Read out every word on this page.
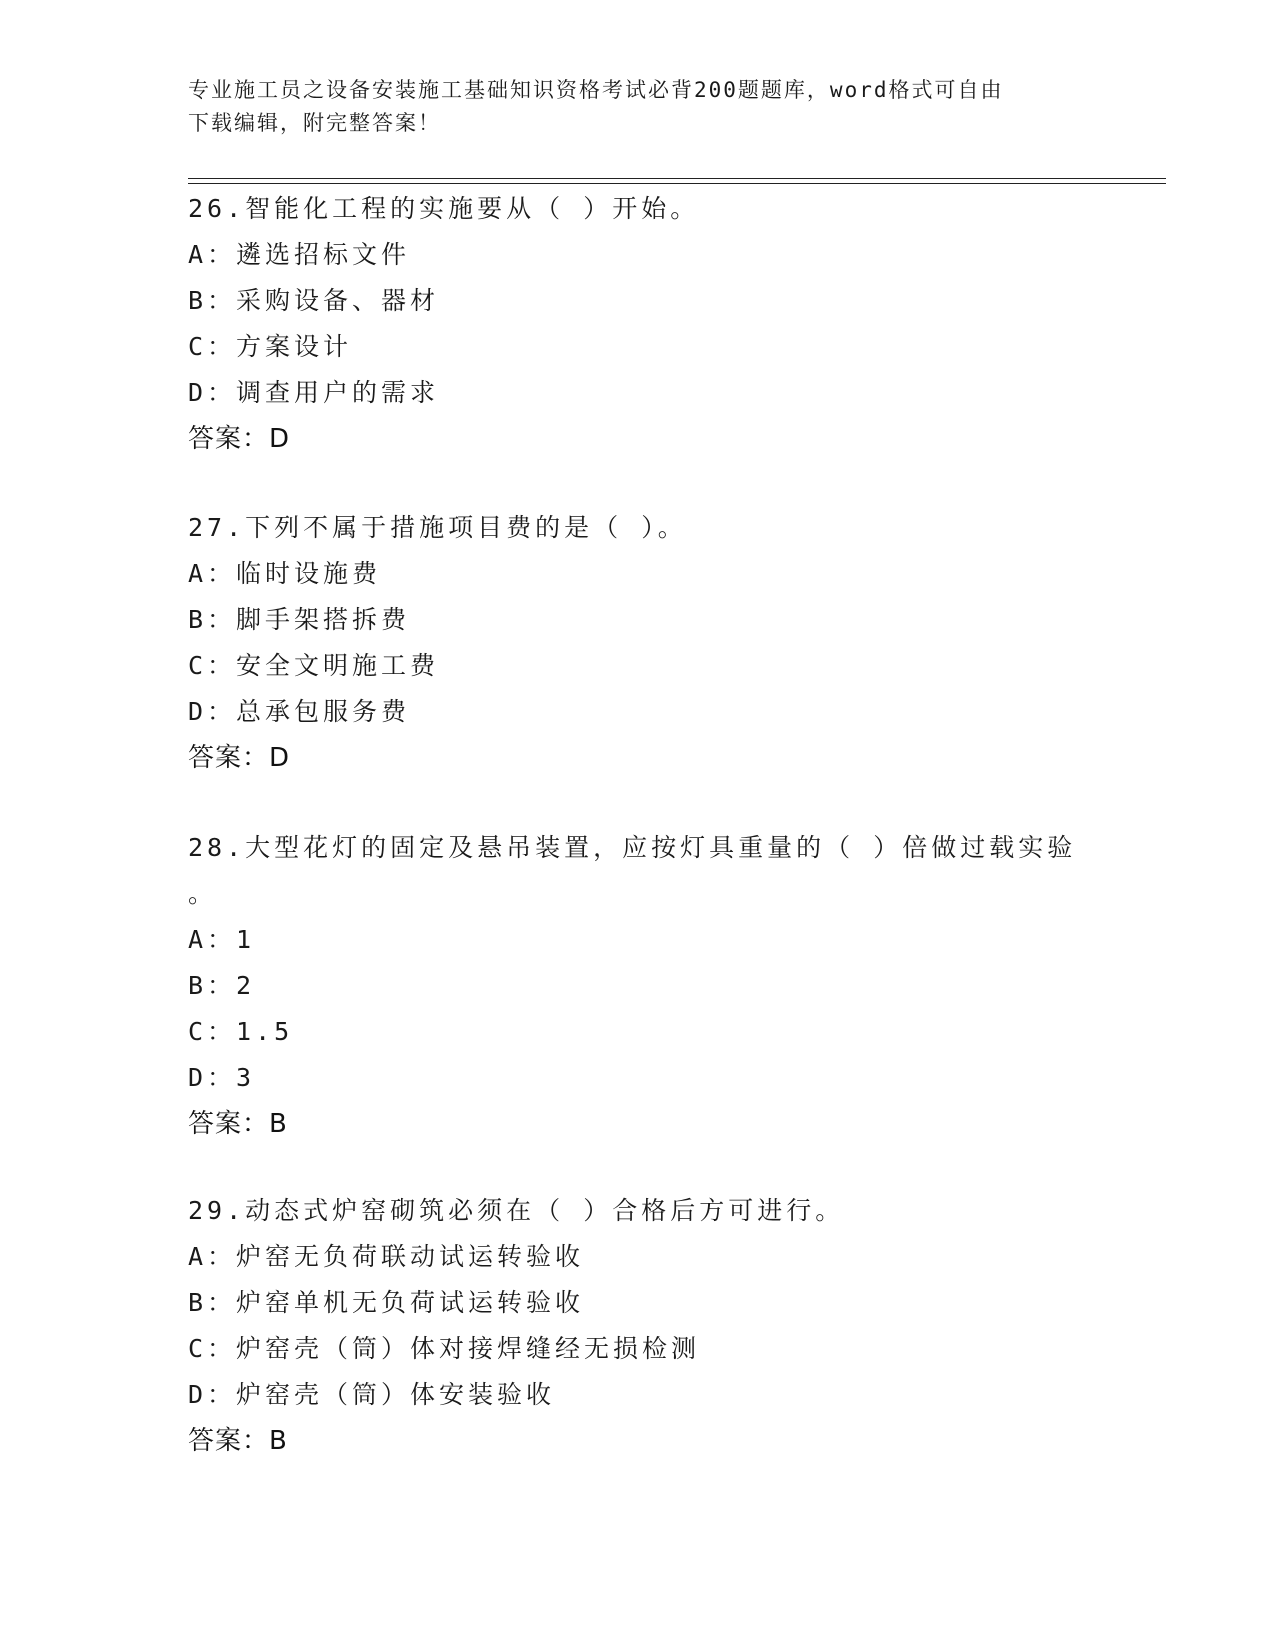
专业施工员之设备安装施工基础知识资格考试必背200题题库，word格式可自由
下载编辑，附完整答案！
26.智能化工程的实施要从（ ）开始。
A：遴选招标文件
B：采购设备、器材
C：方案设计
D：调查用户的需求
答案：D
27.下列不属于措施项目费的是（ ）。
A：临时设施费
B：脚手架搭拆费
C：安全文明施工费
D：总承包服务费
答案：D
28.大型花灯的固定及悬吊装置，应按灯具重量的（ ）倍做过载实验
。
A：1
B：2
C：1.5
D：3
答案：B
29.动态式炉窑砌筑必须在（ ）合格后方可进行。
A：炉窑无负荷联动试运转验收
B：炉窑单机无负荷试运转验收
C：炉窑壳（筒）体对接焊缝经无损检测
D：炉窑壳（筒）体安装验收
答案：B
